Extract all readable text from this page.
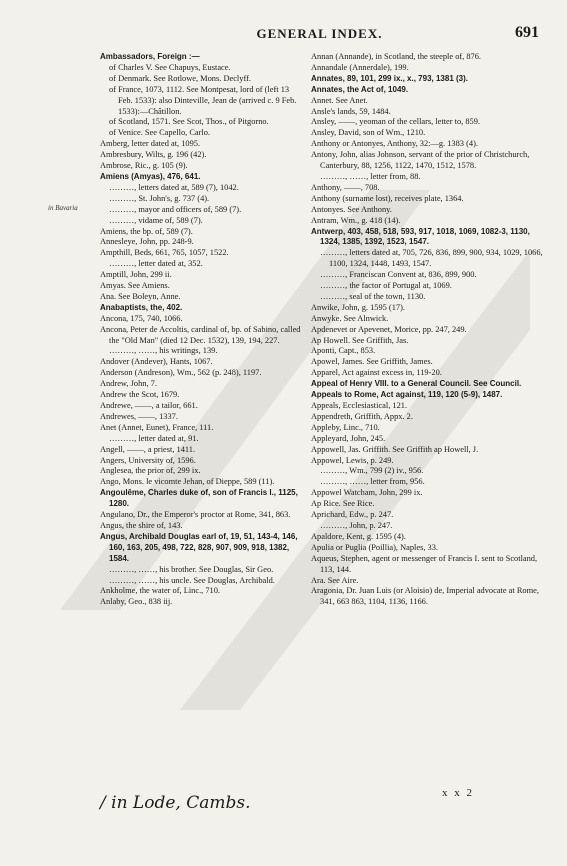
GENERAL INDEX.	691
in Bavaria
Ambassadors, Foreign :—
of Charles V. See Chapuys, Eustace.
of Denmark. See Rotlowe, Mons. Declyff.
of France, 1073, 1112. See Montpesat, lord of (left 13 Feb. 1533): also Dinteville, Jean de (arrived c. 9 Feb. 1533):—Châtillon.
of Scotland, 1571. See Scot, Thos., of Pitgorno.
of Venice. See Capello, Carlo.
Amberg, letter dated at, 1095.
Ambresbury, Wilts, g. 196 (42).
Ambrose, Ric., g. 105 (9).
Amiens (Amyas), 476, 641.
………, letters dated at, 589 (7), 1042.
………, St. John's, g. 737 (4).
………, mayor and officers of, 589 (7).
………, vidame of, 589 (7).
Amiens, the bp. of, 589 (7).
Annesleye, John, pp. 248-9.
Ampthill, Beds, 661, 765, 1057, 1522.
………, letter dated at, 352.
Amptill, John, 299 ii.
Amyas. See Amiens.
Ana. See Boleyn, Anne.
Anabaptists, the, 402.
Ancona, 175, 740, 1066.
Ancona, Peter de Accoltis, cardinal of, bp. of Sabino, called the "Old Man" (died 12 Dec. 1532), 139, 194, 227.
………, ……, his writings, 139.
Andover (Andever), Hants, 1067.
Anderson (Andreson), Wm., 562 (p. 248), 1197.
Andrew, John, 7.
Andrew the Scot, 1679.
Andrewe, ——, a tailor, 661.
Andrewes, ——, 1337.
Anet (Annet, Eunet), France, 111.
………, letter dated at, 91.
Angell, ——, a priest, 1411.
Angers, University of, 1596.
Anglesea, the prior of, 299 ix.
Ango, Mons. le vicomte Jehan, of Dieppe, 589 (11).
Angoulême, Charles duke of, son of Francis I., 1125, 1280.
Angulano, Dr., the Emperor's proctor at Rome, 341, 863.
Angus, the shire of, 143.
Angus, Archibald Douglas earl of, 19, 51, 143-4, 146, 160, 163, 205, 498, 722, 828, 907, 909, 918, 1382, 1584.
………, ……, his brother. See Douglas, Sir Geo.
………, ……, his uncle. See Douglas, Archibald.
Ankholme, the water of, Linc., 710.
Anlaby, Geo., 838 iij.
Annan (Annande), in Scotland, the steeple of, 876.
Annandale (Annerdale), 199.
Annates, 89, 101, 299 ix., x., 793, 1381 (3).
Annates, the Act of, 1049.
Annet. See Anet.
Ansle's lands, 59, 1484.
Ansley, ——, yeoman of the cellars, letter to, 859.
Ansley, David, son of Wm., 1210.
Anthony or Antonyes, Anthony, 32:—g. 1383 (4).
Antony, John, alias Johnson, servant of the prior of Christchurch, Canterbury, 88, 1256, 1122, 1470, 1512, 1578.
………, ……, letter from, 88.
Anthony, ——, 708.
Anthony (surname lost), receives plate, 1364.
Antonyes. See Anthony.
Antram, Wm., g. 418 (14).
Antwerp, 403, 458, 518, 593, 917, 1018, 1069, 1082-3, 1130, 1324, 1385, 1392, 1523, 1547.
………, letters dated at, 705, 726, 836, 899, 900, 934, 1029, 1066, 1100, 1324, 1448, 1493, 1547.
………, Franciscan Convent at, 836, 899, 900.
………, the factor of Portugal at, 1069.
………, seal of the town, 1130.
Anwike, John, g. 1595 (17).
Anwyke. See Alnwick.
Apdenevet or Apevenet, Morice, pp. 247, 249.
Ap Howell. See Griffith, Jas.
Aponti, Capt., 853.
Apowel, James. See Griffith, James.
Apparel, Act against excess in, 119-20.
Appeal of Henry VIII. to a General Council. See Council.
Appeals to Rome, Act against, 119, 120 (5-9), 1487.
Appeals, Ecclesiastical, 121.
Appendreth, Griffith, Appx. 2.
Appleby, Linc., 710.
Appleyard, John, 245.
Appowell, Jas. Griffith. See Griffith ap Howell, J.
Appowel, Lewis, p. 249.
………, Wm., 799 (2) iv., 956.
………, ……, letter from, 956.
Appowel Watcham, John, 299 ix.
Ap Rice. See Rice.
Aprichard, Edw., p. 247.
………, John, p. 247.
Apaldore, Kent, g. 1595 (4).
Apulia or Puglia (Poillia), Naples, 33.
Aqueus, Stephen, agent or messenger of Francis I. sent to Scotland, 113, 144.
Ara. See Aire.
Aragonia, Dr. Juan Luis (or Aloisio) de, Imperial advocate at Rome, 341, 663 863, 1104, 1136, 1166.
/ in Lode, Cambs.	x x 2
